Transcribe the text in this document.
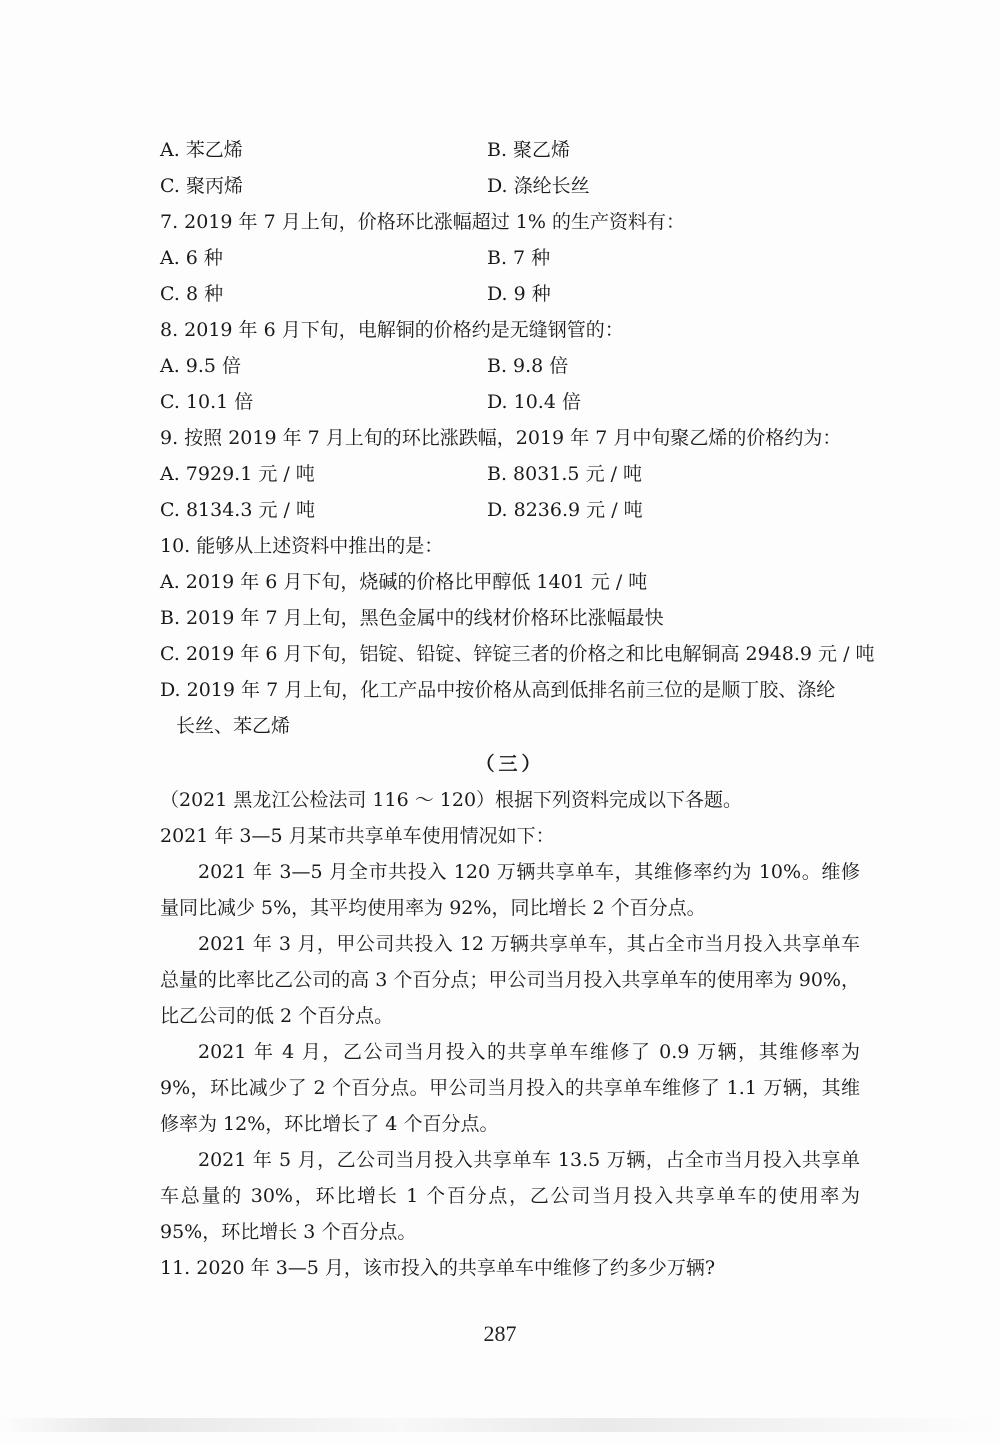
A. 苯乙烯	B. 聚乙烯
C. 聚丙烯	D. 涤纶长丝
7. 2019 年 7 月上旬，价格环比涨幅超过 1% 的生产资料有：
A. 6 种	B. 7 种
C. 8 种	D. 9 种
8. 2019 年 6 月下旬，电解铜的价格约是无缝钢管的：
A. 9.5 倍	B. 9.8 倍
C. 10.1 倍	D. 10.4 倍
9. 按照 2019 年 7 月上旬的环比涨跌幅，2019 年 7 月中旬聚乙烯的价格约为：
A. 7929.1 元 / 吨	B. 8031.5 元 / 吨
C. 8134.3 元 / 吨	D. 8236.9 元 / 吨
10. 能够从上述资料中推出的是：
A. 2019 年 6 月下旬，烧碱的价格比甲醇低 1401 元 / 吨
B. 2019 年 7 月上旬，黑色金属中的线材价格环比涨幅最快
C. 2019 年 6 月下旬，铝锭、铅锭、锌锭三者的价格之和比电解铜高 2948.9 元 / 吨
D. 2019 年 7 月上旬，化工产品中按价格从高到低排名前三位的是顺丁胶、涤纶
长丝、苯乙烯
（三）
（2021 黑龙江公检法司 116 ～ 120）根据下列资料完成以下各题。
2021 年 3—5 月某市共享单车使用情况如下：

2021 年 3—5 月全市共投入 120 万辆共享单车，其维修率约为 10%。维修量同比减少 5%，其平均使用率为 92%，同比增长 2 个百分点。

2021 年 3 月，甲公司共投入 12 万辆共享单车，其占全市当月投入共享单车总量的比率比乙公司的高 3 个百分点；甲公司当月投入共享单车的使用率为 90%，比乙公司的低 2 个百分点。

2021 年 4 月，乙公司当月投入的共享单车维修了 0.9 万辆，其维修率为 9%，环比减少了 2 个百分点。甲公司当月投入的共享单车维修了 1.1 万辆，其维修率为 12%，环比增长了 4 个百分点。

2021 年 5 月，乙公司当月投入共享单车 13.5 万辆，占全市当月投入共享单车总量的 30%，环比增长 1 个百分点，乙公司当月投入共享单车的使用率为 95%，环比增长 3 个百分点。

11. 2020 年 3—5 月，该市投入的共享单车中维修了约多少万辆?
287
